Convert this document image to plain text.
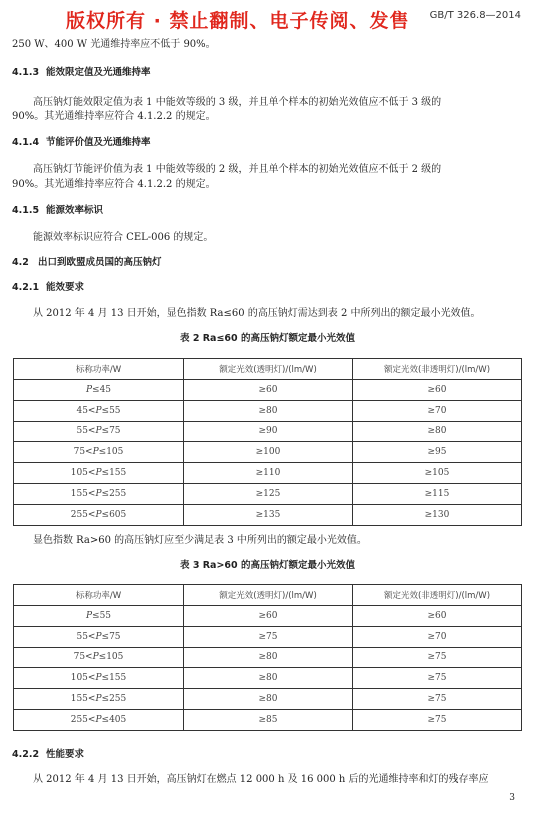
版权所有 · 禁止翻制、电子传阅、发售 GB/T 326.8—2014
250 W、400 W 光通维持率应不低于 90%。
4.1.3 能效限定值及光通维持率
高压钠灯能效限定值为表 1 中能效等级的 3 级，并且单个样本的初始光效值应不低于 3 级的
90%。其光通维持率应符合 4.1.2.2 的规定。
4.1.4 节能评价值及光通维持率
高压钠灯节能评价值为表 1 中能效等级的 2 级，并且单个样本的初始光效值应不低于 2 级的
90%。其光通维持率应符合 4.1.2.2 的规定。
4.1.5 能源效率标识
能源效率标识应符合 CEL-006 的规定。
4.2 出口到欧盟成员国的高压钠灯
4.2.1 能效要求
从 2012 年 4 月 13 日开始，显色指数 Ra≤60 的高压钠灯需达到表 2 中所列出的额定最小光效值。
表 2 Ra≤60 的高压钠灯额定最小光效值
标称功率/W	额定光效(透明灯)/(lm/W)	额定光效(非透明灯)/(lm/W)
P≤45	≥60	≥60
45<P≤55	≥80	≥70
55<P≤75	≥90	≥80
75<P≤105	≥100	≥95
105<P≤155	≥110	≥105
155<P≤255	≥125	≥115
255<P≤605	≥135	≥130
显色指数 Ra>60 的高压钠灯应至少满足表 3 中所列出的额定最小光效值。
表 3 Ra>60 的高压钠灯额定最小光效值
标称功率/W	额定光效(透明灯)/(lm/W)	额定光效(非透明灯)/(lm/W)
P≤55	≥60	≥60
55<P≤75	≥75	≥70
75<P≤105	≥80	≥75
105<P≤155	≥80	≥75
155<P≤255	≥80	≥75
255<P≤405	≥85	≥75
4.2.2 性能要求
从 2012 年 4 月 13 日开始，高压钠灯在燃点 12 000 h 及 16 000 h 后的光通维持率和灯的残存率应
3
